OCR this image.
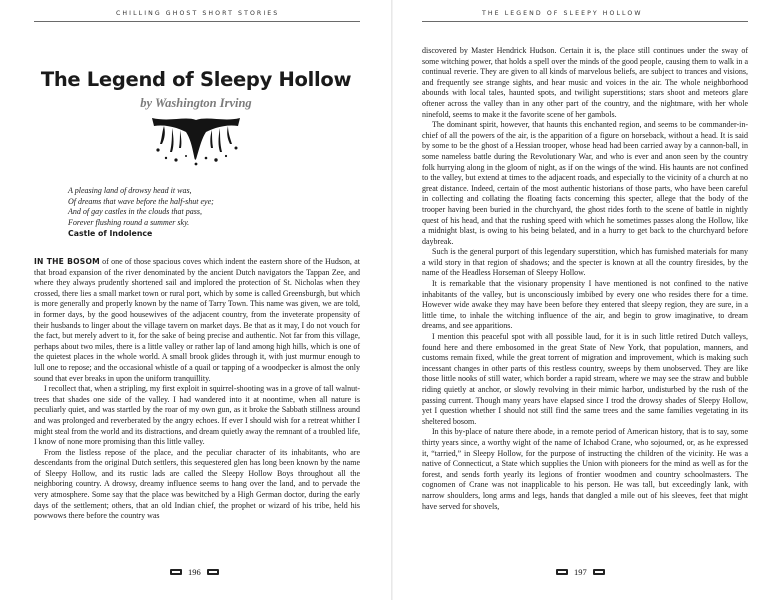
CHILLING GHOST SHORT STORIES
The Legend of Sleepy Hollow
by Washington Irving
A pleasing land of drowsy head it was,
Of dreams that wave before the half-shut eye;
And of gay castles in the clouds that pass,
Forever flushing round a summer sky.
Castle of Indolence

IN THE BOSOM of one of those spacious coves which indent the eastern shore of the Hudson, at that broad expansion of the river denominated by the ancient Dutch navigators the Tappan Zee, and where they always prudently shortened sail and implored the protection of St. Nicholas when they crossed, there lies a small market town or rural port, which by some is called Greensburgh, but which is more generally and properly known by the name of Tarry Town. This name was given, we are told, in former days, by the good housewives of the adjacent country, from the inveterate propensity of their husbands to linger about the village tavern on market days. Be that as it may, I do not vouch for the fact, but merely advert to it, for the sake of being precise and authentic. Not far from this village, perhaps about two miles, there is a little valley or rather lap of land among high hills, which is one of the quietest places in the whole world. A small brook glides through it, with just murmur enough to lull one to repose; and the occasional whistle of a quail or tapping of a woodpecker is almost the only sound that ever breaks in upon the uniform tranquillity.

I recollect that, when a stripling, my first exploit in squirrel-shooting was in a grove of tall walnut-trees that shades one side of the valley. I had wandered into it at noontime, when all nature is peculiarly quiet, and was startled by the roar of my own gun, as it broke the Sabbath stillness around and was prolonged and reverberated by the angry echoes. If ever I should wish for a retreat whither I might steal from the world and its distractions, and dream quietly away the remnant of a troubled life, I know of none more promising than this little valley.

From the listless repose of the place, and the peculiar character of its inhabitants, who are descendants from the original Dutch settlers, this sequestered glen has long been known by the name of Sleepy Hollow, and its rustic lads are called the Sleepy Hollow Boys throughout all the neighboring country. A drowsy, dreamy influence seems to hang over the land, and to pervade the very atmosphere. Some say that the place was bewitched by a High German doctor, during the early days of the settlement; others, that an old Indian chief, the prophet or wizard of his tribe, held his powwows there before the country was

196
THE LEGEND OF SLEEPY HOLLOW

discovered by Master Hendrick Hudson. Certain it is, the place still continues under the sway of some witching power, that holds a spell over the minds of the good people, causing them to walk in a continual reverie. They are given to all kinds of marvelous beliefs, are subject to trances and visions, and frequently see strange sights, and hear music and voices in the air. The whole neighborhood abounds with local tales, haunted spots, and twilight superstitions; stars shoot and meteors glare oftener across the valley than in any other part of the country, and the nightmare, with her whole ninefold, seems to make it the favorite scene of her gambols.

The dominant spirit, however, that haunts this enchanted region, and seems to be commander-in-chief of all the powers of the air, is the apparition of a figure on horseback, without a head. It is said by some to be the ghost of a Hessian trooper, whose head had been carried away by a cannon-ball, in some nameless battle during the Revolutionary War, and who is ever and anon seen by the country folk hurrying along in the gloom of night, as if on the wings of the wind. His haunts are not confined to the valley, but extend at times to the adjacent roads, and especially to the vicinity of a church at no great distance. Indeed, certain of the most authentic historians of those parts, who have been careful in collecting and collating the floating facts concerning this specter, allege that the body of the trooper having been buried in the churchyard, the ghost rides forth to the scene of battle in nightly quest of his head, and that the rushing speed with which he sometimes passes along the Hollow, like a midnight blast, is owing to his being belated, and in a hurry to get back to the churchyard before daybreak.

Such is the general purport of this legendary superstition, which has furnished materials for many a wild story in that region of shadows; and the specter is known at all the country firesides, by the name of the Headless Horseman of Sleepy Hollow.

It is remarkable that the visionary propensity I have mentioned is not confined to the native inhabitants of the valley, but is unconsciously imbibed by every one who resides there for a time. However wide awake they may have been before they entered that sleepy region, they are sure, in a little time, to inhale the witching influence of the air, and begin to grow imaginative, to dream dreams, and see apparitions.

I mention this peaceful spot with all possible laud, for it is in such little retired Dutch valleys, found here and there embosomed in the great State of New York, that population, manners, and customs remain fixed, while the great torrent of migration and improvement, which is making such incessant changes in other parts of this restless country, sweeps by them unobserved. They are like those little nooks of still water, which border a rapid stream, where we may see the straw and bubble riding quietly at anchor, or slowly revolving in their mimic harbor, undisturbed by the rush of the passing current. Though many years have elapsed since I trod the drowsy shades of Sleepy Hollow, yet I question whether I should not still find the same trees and the same families vegetating in its sheltered bosom.

In this by-place of nature there abode, in a remote period of American history, that is to say, some thirty years since, a worthy wight of the name of Ichabod Crane, who sojourned, or, as he expressed it, “tarried,” in Sleepy Hollow, for the purpose of instructing the children of the vicinity. He was a native of Connecticut, a State which supplies the Union with pioneers for the mind as well as for the forest, and sends forth yearly its legions of frontier woodmen and country schoolmasters. The cognomen of Crane was not inapplicable to his person. He was tall, but exceedingly lank, with narrow shoulders, long arms and legs, hands that dangled a mile out of his sleeves, feet that might have served for shovels,

197
